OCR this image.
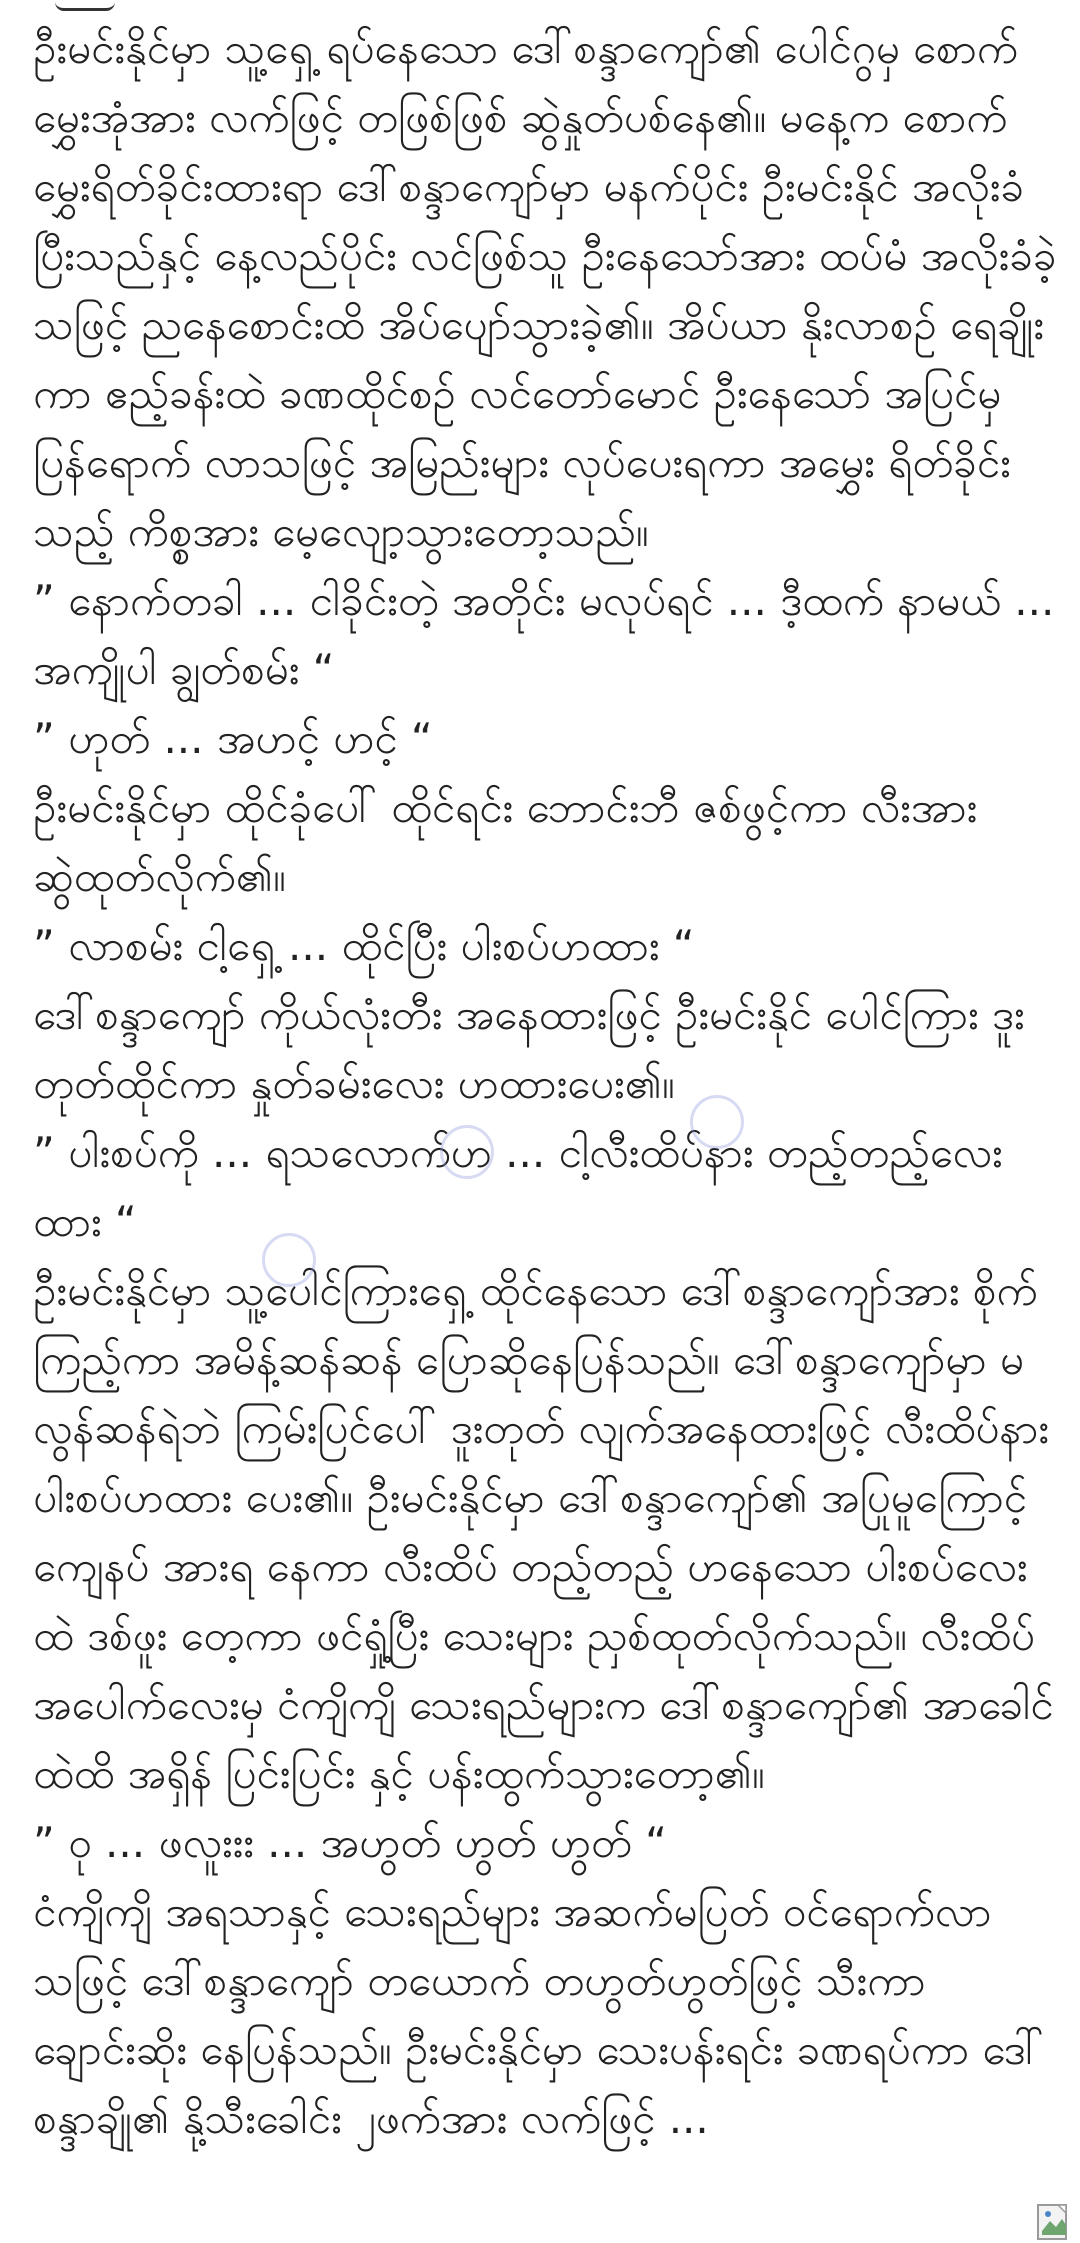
ဦးမင်းနိုင်မှာ သူ့ရှေ့ ရပ်နေသော ဒေါ်စန္ဒာကျော်၏ ပေါင်ဂွမှ စောက်မွှေးအုံအား လက်ဖြင့် တဖြစ်ဖြစ် ဆွဲနှုတ်ပစ်နေ၏။ မနေ့က စောက်မွှေးရိတ်ခိုင်းထားရာ ဒေါ်စန္ဒာကျော်မှာ မနက်ပိုင်း ဦးမင်းနိုင် အလိုးခံပြီးသည်နှင့် နေ့လည်ပိုင်း လင်ဖြစ်သူ ဦးနေသော်အား ထပ်မံ အလိုးခံခဲ့သဖြင့် ညနေစောင်းထိ အိပ်ပျော်သွားခဲ့၏။ အိပ်ယာ နိုးလာစဉ် ရေချိုးကာ ဧည့်ခန်းထဲ ခဏထိုင်စဉ် လင်တော်မောင် ဦးနေသော် အပြင်မှ ပြန်ရောက် လာသဖြင့် အမြည်းများ လုပ်ပေးရကာ အမွှေး ရိတ်ခိုင်းသည့် ကိစ္စအား မေ့လျော့သွားတော့သည်။

” နောက်တခါ ... ငါခိုင်းတဲ့ အတိုင်း မလုပ်ရင် ... ဒီ့ထက် နာမယ် ... အကျိုပါ ချွတ်စမ်း “

” ဟုတ် ... အဟင့် ဟင့် “

ဦးမင်းနိုင်မှာ ထိုင်ခုံပေါ် ထိုင်ရင်း ဘောင်းဘီ ဇစ်ဖွင့်ကာ လီးအား ဆွဲထုတ်လိုက်၏။

” လာစမ်း ငါ့ရှေ့ ... ထိုင်ပြီး ပါးစပ်ဟထား “

ဒေါ်စန္ဒာကျော် ကိုယ်လုံးတီး အနေထားဖြင့် ဦးမင်းနိုင် ပေါင်ကြား ဒူးတုတ်ထိုင်ကာ နှုတ်ခမ်းလေး ဟထားပေး၏။

” ပါးစပ်ကို ... ရသလောက်ဟ ... ငါ့လီးထိပ်နား တည့်တည့်လေးထား “

ဦးမင်းနိုင်မှာ သူ့ပေါင်ကြားရှေ့ ထိုင်နေသော ဒေါ်စန္ဒာကျော်အား စိုက်ကြည့်ကာ အမိန့်ဆန်ဆန် ပြောဆိုနေပြန်သည်။ ဒေါ်စန္ဒာကျော်မှာ မလွန်ဆန်ရဲဘဲ ကြမ်းပြင်ပေါ် ဒူးတုတ် လျက်အနေထားဖြင့် လီးထိပ်နား ပါးစပ်ဟထား ပေး၏။ ဦးမင်းနိုင်မှာ ဒေါ်စန္ဒာကျော်၏ အပြုမူကြောင့် ကျေနပ် အားရ နေကာ လီးထိပ် တည့်တည့် ဟနေသော ပါးစပ်လေးထဲ ဒစ်ဖူး တေ့ကာ ဖင်ရှုံ့ပြီး သေးများ ညှစ်ထုတ်လိုက်သည်။ လီးထိပ် အပေါက်လေးမှ ငံကျိကျိ သေးရည်များက ဒေါ်စန္ဒာကျော်၏ အာခေါင်ထဲထိ အရှိန် ပြင်းပြင်း နှင့် ပန်းထွက်သွားတော့၏။

” ဝု ... ဖလူးးး ... အဟွတ် ဟွတ် ဟွတ် “

ငံကျိကျိ အရသာနှင့် သေးရည်များ အဆက်မပြတ် ဝင်ရောက်လာသဖြင့် ဒေါ်စန္ဒာကျော် တယောက် တဟွတ်ဟွတ်ဖြင့် သီးကာ ချောင်းဆိုး နေပြန်သည်။ ဦးမင်းနိုင်မှာ သေးပန်းရင်း ခဏရပ်ကာ ဒေါ်စန္ဒာချို၏ နို့သီးခေါင်း ၂ဖက်အား လက်ဖြင့် ...
